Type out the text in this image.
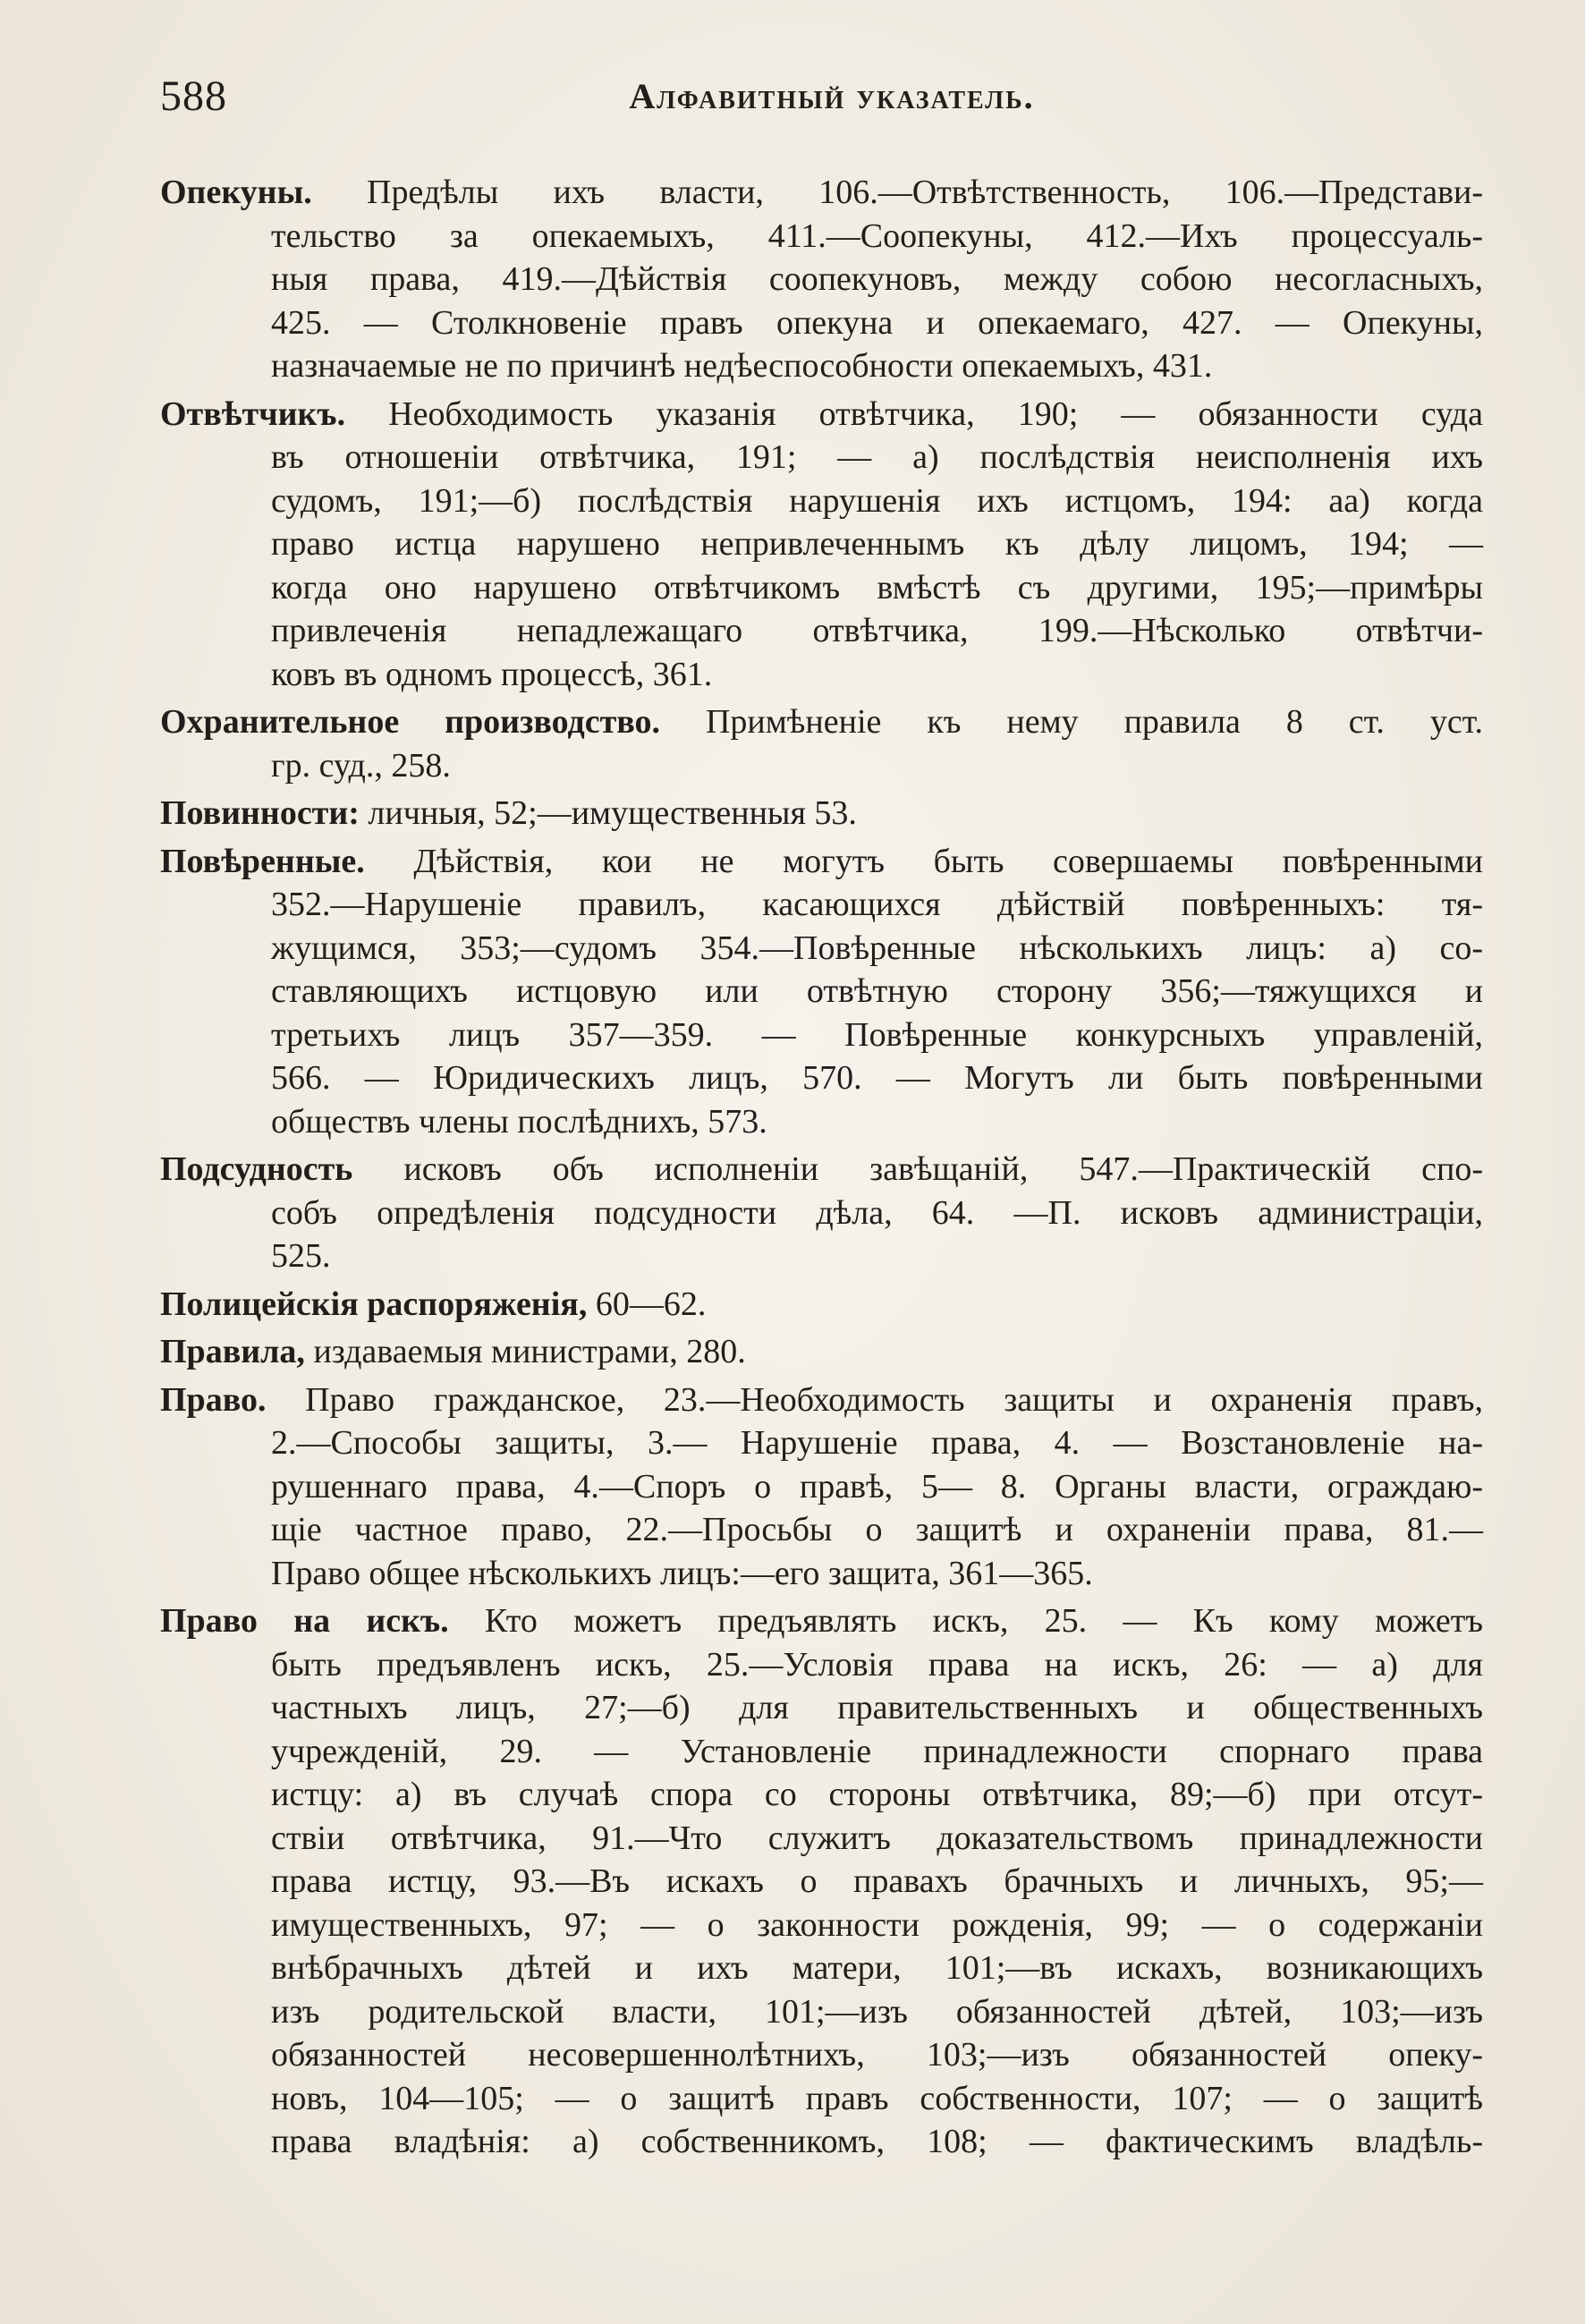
588	Алфавитный указатель.
Опекуны. Предѣлы ихъ власти, 106.—Отвѣтственность, 106.—Представи-
тельство за опекаемыхъ, 411.—Соопекуны, 412.—Ихъ процессуаль-
ныя права, 419.—Дѣйствія соопекуновъ, между собою несогласныхъ,
425. — Столкновеніе правъ опекуна и опекаемаго, 427. — Опекуны,
назначаемые не по причинѣ недѣеспособности опекаемыхъ, 431.
Отвѣтчикъ. Необходимость указанія отвѣтчика, 190; — обязанности суда
въ отношеніи отвѣтчика, 191; — а) послѣдствія неисполненія ихъ
судомъ, 191;—б) послѣдствія нарушенія ихъ истцомъ, 194: аа) когда
право истца нарушено непривлеченнымъ къ дѣлу лицомъ, 194; —
когда оно нарушено отвѣтчикомъ вмѣстѣ съ другими, 195;—примѣры
привлеченія непадлежащаго отвѣтчика, 199.—Нѣсколько отвѣтчи-
ковъ въ одномъ процессѣ, 361.
Охранительное производство. Примѣненіе къ нему правила 8 ст. уст.
гр. суд., 258.
Повинности: личныя, 52;—имущественныя 53.
Повѣренные. Дѣйствія, кои не могутъ быть совершаемы повѣренными
352.—Нарушеніе правилъ, касающихся дѣйствій повѣренныхъ: тя-
жущимся, 353;—судомъ 354.—Повѣренные нѣсколькихъ лицъ: а) со-
ставляющихъ истцовую или отвѣтную сторону 356;—тяжущихся и
третьихъ лицъ 357—359. — Повѣренные конкурсныхъ управленій,
566. — Юридическихъ лицъ, 570. — Могутъ ли быть повѣренными
обществъ члены послѣднихъ, 573.
Подсудность исковъ объ исполненіи завѣщаній, 547.—Практическій спо-
собъ опредѣленія подсудности дѣла, 64. —П. исковъ администраціи,
525.
Полицейскія распоряженія, 60—62.
Правила, издаваемыя министрами, 280.
Право. Право гражданское, 23.—Необходимость защиты и охраненія правъ,
2.—Способы защиты, 3.— Нарушеніе права, 4. — Возстановленіе на-
рушеннаго права, 4.—Споръ о правѣ, 5— 8. Органы власти, ограждаю-
щіе частное право, 22.—Просьбы о защитѣ и охраненіи права, 81.—
Право общее нѣсколькихъ лицъ:—его защита, 361—365.
Право на искъ. Кто можетъ предъявлять искъ, 25. — Къ кому можетъ
быть предъявленъ искъ, 25.—Условія права на искъ, 26: — а) для
частныхъ лицъ, 27;—б) для правительственныхъ и общественныхъ
учрежденій, 29. — Установленіе принадлежности спорнаго права
истцу: а) въ случаѣ спора со стороны отвѣтчика, 89;—б) при отсут-
ствіи отвѣтчика, 91.—Что служитъ доказательствомъ принадлежности
права истцу, 93.—Въ искахъ о правахъ брачныхъ и личныхъ, 95;—
имущественныхъ, 97; — о законности рожденія, 99; — о содержаніи
внѣбрачныхъ дѣтей и ихъ матери, 101;—въ искахъ, возникающихъ
изъ родительской власти, 101;—изъ обязанностей дѣтей, 103;—изъ
обязанностей несовершеннолѣтнихъ, 103;—изъ обязанностей опеку-
новъ, 104—105; — о защитѣ правъ собственности, 107; — о защитѣ
права владѣнія: а) собственникомъ, 108; — фактическимъ владѣль-
